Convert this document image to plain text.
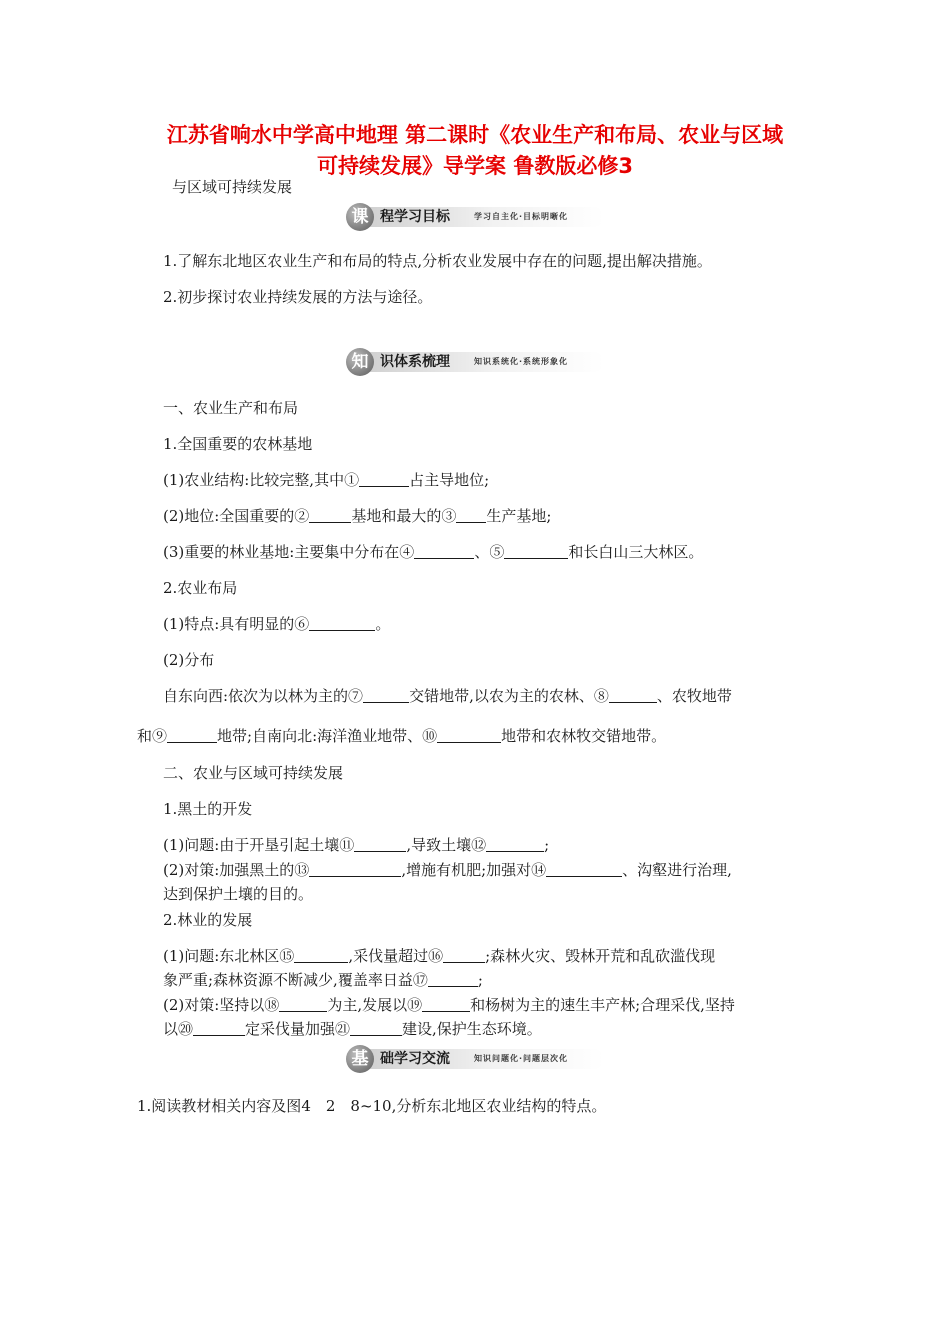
江苏省响水中学高中地理 第二课时《农业生产和布局、农业与区域
可持续发展》导学案 鲁教版必修3
与区域可持续发展
课 程学习目标	学习自主化·目标明晰化
1.了解东北地区农业生产和布局的特点,分析农业发展中存在的问题,提出解决措施。
2.初步探讨农业持续发展的方法与途径。
知 识体系梳理	知识系统化·系统形象化
一、农业生产和布局
1.全国重要的农林基地
(1)农业结构:比较完整,其中①	占主导地位;
(2)地位:全国重要的②	基地和最大的③ 生产基地;
(3)重要的林业基地:主要集中分布在④	、⑤	和长白山三大林区。
2.农业布局
(1)特点:具有明显的⑥	。
(2)分布
自东向西:依次为以林为主的⑦	交错地带,以农为主的农林、⑧	、农牧地带
和⑨	地带;自南向北:海洋渔业地带、⑩	地带和农林牧交错地带。
二、农业与区域可持续发展
1.黑土的开发
(1)问题:由于开垦引起土壤⑪	,导致土壤⑫	;
(2)对策:加强黑土的⑬	,增施有机肥;加强对⑭	、沟壑进行治理,
达到保护土壤的目的。
2.林业的发展
(1)问题:东北林区⑮	,采伐量超过⑯	;森林火灾、毁林开荒和乱砍滥伐现
象严重;森林资源不断减少,覆盖率日益⑰	;
(2)对策:坚持以⑱	为主,发展以⑲	和杨树为主的速生丰产林;合理采伐,坚持
以⑳	定采伐量加强㉑	建设,保护生态环境。
基 础学习交流	知识问题化·问题层次化
1.阅读教材相关内容及图4　2　8~10,分析东北地区农业结构的特点。
